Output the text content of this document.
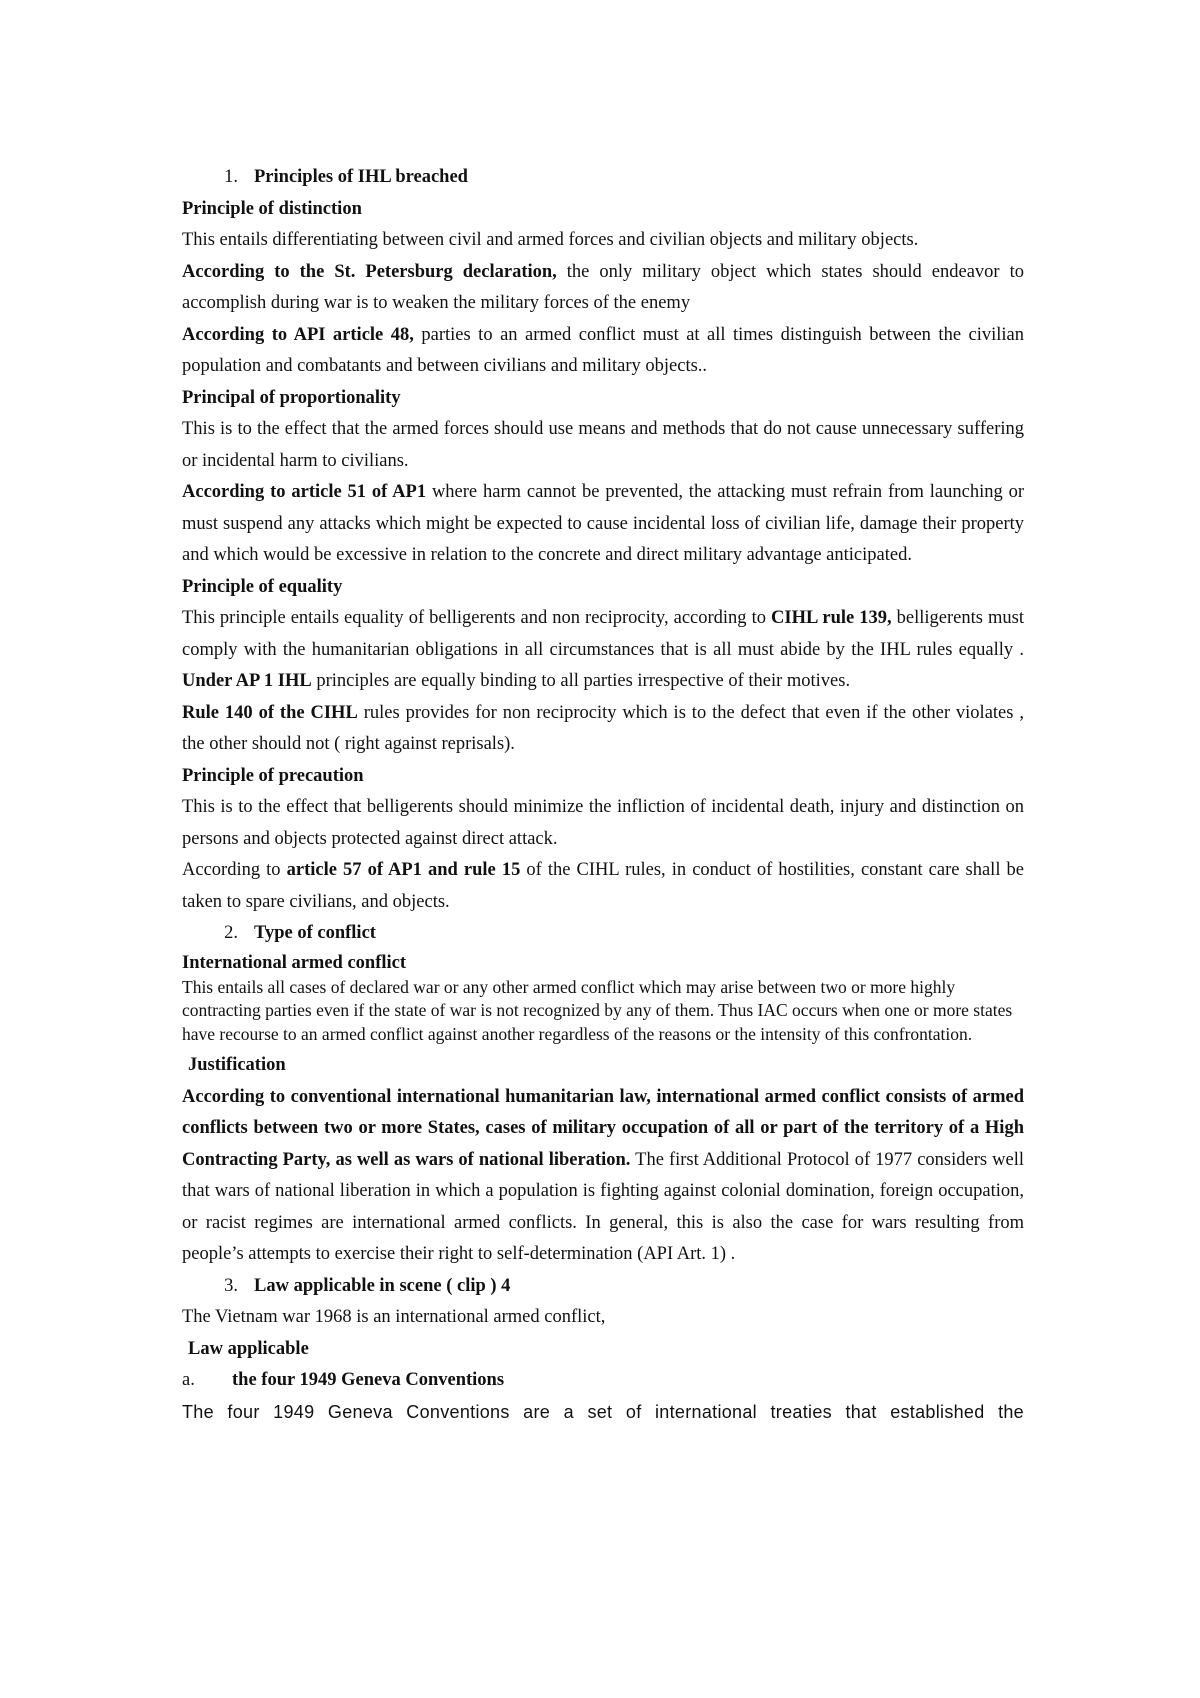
1. Principles of IHL breached

Principle of distinction

This entails differentiating between civil and armed forces and civilian objects and military objects.

According to the St. Petersburg declaration, the only military object which states should endeavor to accomplish during war is to weaken the military forces of the enemy

According to API article 48, parties to an armed conflict must at all times distinguish between the civilian population and combatants and between civilians and military objects..

Principal of proportionality

This is to the effect that the armed forces should use means and methods that do not cause unnecessary suffering or incidental harm to civilians.

According to article 51 of AP1 where harm cannot be prevented, the attacking must refrain from launching or must suspend any attacks which might be expected to cause incidental loss of civilian life, damage their property and which would be excessive in relation to the concrete and direct military advantage anticipated.

Principle of equality

This principle entails equality of belligerents and non reciprocity, according to CIHL rule 139, belligerents must comply with the humanitarian obligations in all circumstances that is all must abide by the IHL rules equally . Under AP 1 IHL principles are equally binding to all parties irrespective of their motives.

Rule 140 of the CIHL rules provides for non reciprocity which is to the defect that even if the other violates , the other should not ( right against reprisals).

Principle of precaution

This is to the effect that belligerents should minimize the infliction of incidental death, injury and distinction on persons and objects protected against direct attack.

According to article 57 of AP1 and rule 15 of the CIHL rules, in conduct of hostilities, constant care shall be taken to spare civilians, and objects.

2. Type of conflict

International armed conflict

This entails all cases of declared war or any other armed conflict which may arise between two or more highly contracting parties even if the state of war is not recognized by any of them. Thus IAC occurs when one or more states have recourse to an armed conflict against another regardless of the reasons or the intensity of this confrontation.

Justification

According to conventional international humanitarian law, international armed conflict consists of armed conflicts between two or more States, cases of military occupation of all or part of the territory of a High Contracting Party, as well as wars of national liberation. The first Additional Protocol of 1977 considers well that wars of national liberation in which a population is fighting against colonial domination, foreign occupation, or racist regimes are international armed conflicts. In general, this is also the case for wars resulting from people’s attempts to exercise their right to self-determination (API Art. 1) .

3. Law applicable in scene ( clip ) 4

The Vietnam war 1968 is an international armed conflict,

Law applicable

a.	the four 1949 Geneva Conventions

The four 1949 Geneva Conventions are a set of international treaties that established the
